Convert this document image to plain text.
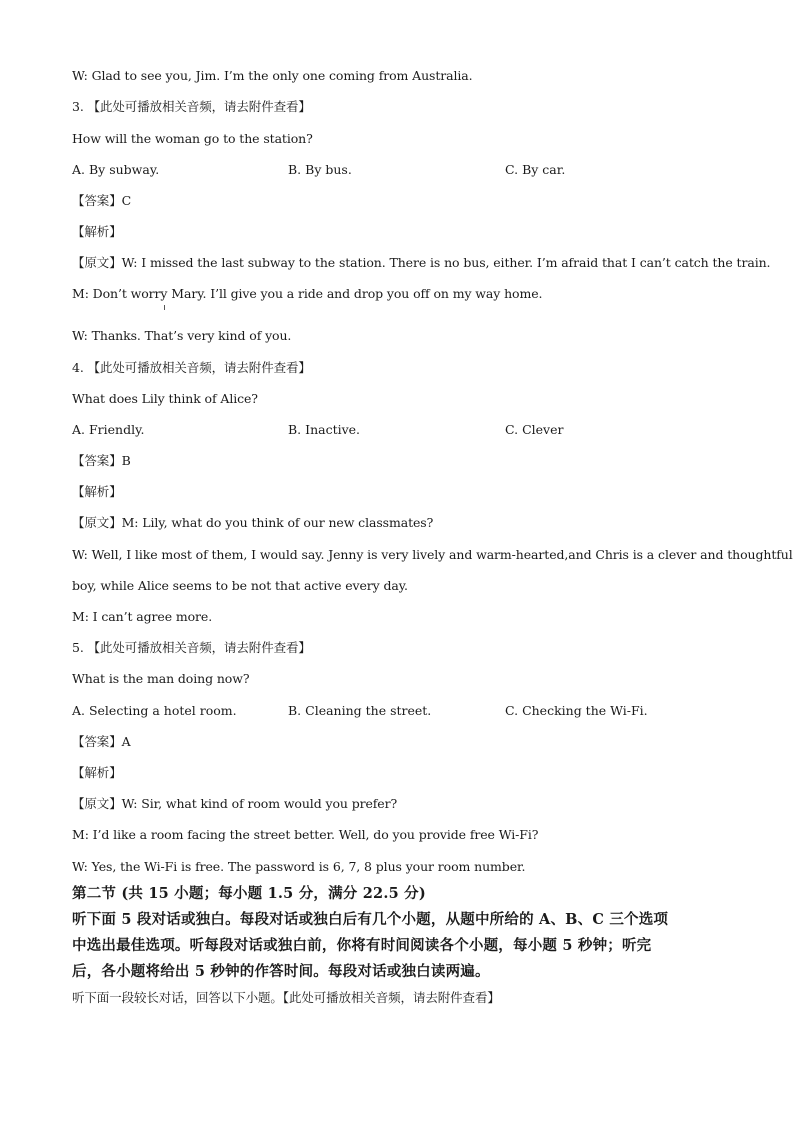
W: Glad to see you, Jim. I’m the only one coming from Australia.
3. 【此处可播放相关音频，请去附件查看】
How will the woman go to the station?
A. By subway.	B. By bus.	C. By car.
【答案】C
【解析】
【原文】W: I missed the last subway to the station. There is no bus, either. I’m afraid that I can’t catch the train.
M: Don’t worry Mary. I’ll give you a ride and drop you off on my way home.
W: Thanks. That’s very kind of you.
4. 【此处可播放相关音频，请去附件查看】
What does Lily think of Alice?
A. Friendly.	B. Inactive.	C. Clever
【答案】B
【解析】
【原文】M: Lily, what do you think of our new classmates?
W: Well, I like most of them, I would say. Jenny is very lively and warm-hearted,and Chris is a clever and thoughtful
boy, while Alice seems to be not that active every day.
M: I can’t agree more.
5. 【此处可播放相关音频，请去附件查看】
What is the man doing now?
A. Selecting a hotel room.	B. Cleaning the street.	C. Checking the Wi-Fi.
【答案】A
【解析】
【原文】W: Sir, what kind of room would you prefer?
M: I’d like a room facing the street better. Well, do you provide free Wi-Fi?
W: Yes, the Wi-Fi is free. The password is 6, 7, 8 plus your room number.
第二节 (共 15 小题；每小题 1.5 分，满分 22.5 分)
听下面 5 段对话或独白。每段对话或独白后有几个小题，从题中所给的 A、B、C 三个选项
中选出最佳选项。听每段对话或独白前，你将有时间阅读各个小题，每小题 5 秒钟；听完
后，各小题将给出 5 秒钟的作答时间。每段对话或独白读两遍。
听下面一段较长对话，回答以下小题。【此处可播放相关音频，请去附件查看】
